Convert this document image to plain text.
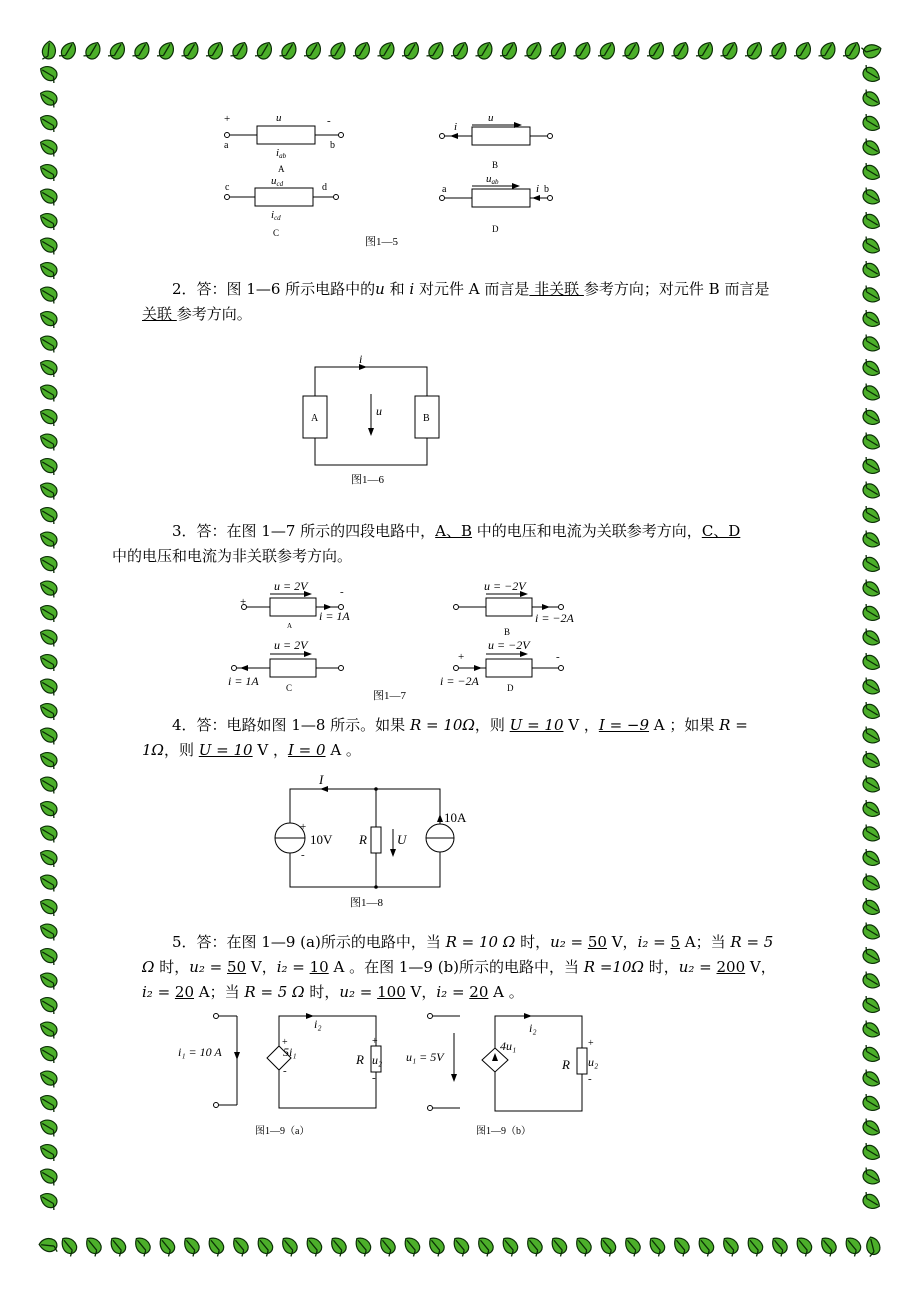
+	-
a	b
u
iab
A
u
i
B
c	d
ucd
icd
C
a	b
uab
i
D
图1—5

2．答：图 1—6 所示电路中的u 和 i 对元件 A 而言是 非关联 参考方向；对元件 B 而言是 关联 参考方向。

i
u
A	B
图1—6

3．答：在图 1—7 所示的四段电路中，A、B 中的电压和电流为关联参考方向，C、D
中的电压和电流为非关联参考方向。

+
-
u = 2V
i = 1A
A
u = −2V
i = −2A
B
u = 2V
i = 1A	C
+	-
u = −2V
i = −2A	D
图1—7

4．答：电路如图 1—8 所示。如果 R = 10Ω，则 U = 10 V ，I = −9 A ；如果 R = 1Ω，则 U = 10 V ，I = 0 A 。

I
+
-
10V R U
10A
图1—8

5．答：在图 1—9 (a)所示的电路中，当 R = 10 Ω 时，u₂ = 50 V，i₂ = 5 A；当 R = 5 Ω 时，u₂ = 50 V，i₂ = 10 A 。在图 1—9 (b)所示的电路中，当 R =10Ω 时，u₂ = 200 V，i₂ = 20 A；当 R = 5 Ω 时，u₂ = 100 V，i₂ = 20 A 。

i₁ = 10 A	5i₁
+
-
i₂
R
+
u₂
-
图1—9（a）
u₁ = 5V
4u₁
i₂
R
+
u₂
-
图1—9（b）
